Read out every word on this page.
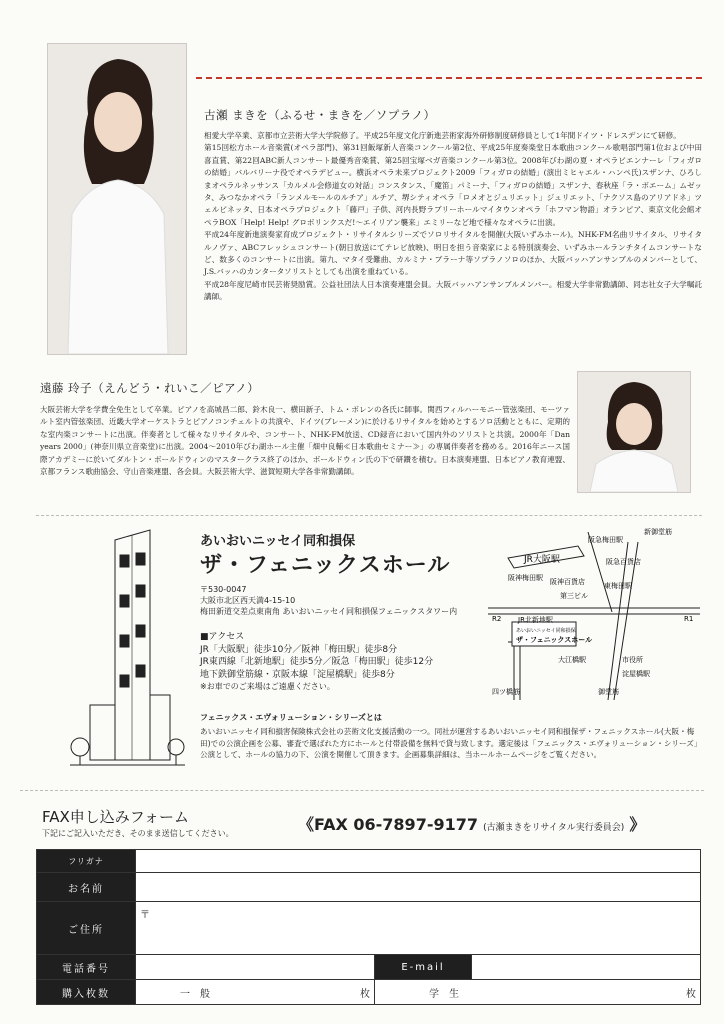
古瀬 まきを（ふるせ・まきを／ソプラノ）
相愛大学卒業、京都市立芸術大学大学院修了。平成25年度文化庁新進芸術家海外研修制度研修員として1年間ドイツ・ドレスデンにて研修。
第15回松方ホール音楽賞(オペラ部門)、第31回飯塚新人音楽コンクール第2位、平成25年度奏楽堂日本歌曲コンクール歌唱部門第1位および中田喜直賞、第22回ABC新人コンサート最優秀音楽賞、第25回宝塚ベガ音楽コンクール第3位。2008年びわ湖の夏・オペラビエンナーレ「フィガロの結婚」バルバリーナ役でオペラデビュー。横浜オペラ未来プロジェクト2009「フィガロの結婚」(演出ミヒャエル・ハンペ氏)スザンナ、ひろしまオペラルネッサンス「カルメル会修道女の対話」コンスタンス、「魔笛」パミーナ、「フィガロの結婚」スザンナ、春秋座「ラ・ボエーム」ムゼッタ、みつなかオペラ「ランメルモールのルチア」ルチア、堺シティオペラ「ロメオとジュリエット」ジュリエット、「ナクソス島のアリアドネ」ツェルビネッタ、日本オペラプロジェクト「藤戸」子供、河内長野ラブリーホールマイタウンオペラ「ホフマン物語」オランピア、東京文化会館オペラBOX「Help! Help! グロボリンクスだ!～エイリアン襲来」エミリーなど地で様々なオペラに出演。
平成24年度新進演奏家育成プロジェクト・リサイタルシリーズでソロリサイタルを開催(大阪いずみホール)。NHK-FM名曲リサイタル、リサイタルノヴァ、ABCフレッシュコンサート(朝日放送にてテレビ放映)、明日を担う音楽家による特別演奏会、いずみホールランチタイムコンサートなど、数多くのコンサートに出演。第九、マタイ受難曲、カルミナ・ブラーナ等ソプラノソロのほか、大阪バッハアンサンブルのメンバーとして、J.S.バッハのカンタータソリストとしても出演を重ねている。
平成28年度尼崎市民芸術奨励賞。公益社団法人日本演奏連盟会員。大阪バッハアンサンブルメンバー。相愛大学非常勤講師、同志社女子大学嘱託講師。
遠藤 玲子（えんどう・れいこ／ピアノ）
大阪芸術大学を学費全免生として卒業。ピアノを高城昌二郎、鈴木良一、横田新子、トム・ボレンの各氏に師事。関西フィルハーモニー管弦楽団、モーツァルト室内管弦楽団、近畿大学オーケストラとピアノコンチェルトの共演や、ドイツ(ブレーメン)に於けるリサイタルを始めとするソロ活動とともに、定期的な室内楽コンサートに出演。伴奏者として様々なリサイタルや、コンサート、NHK-FM放送、CD録音において国内外のソリストと共演。2000年「Dan years 2000」(神奈川県立音楽堂)に出演。2004～2010年びわ湖ホール主催「畑中良輔≪日本歌曲セミナー≫」の専属伴奏者を務める。2016年ニース国際アカデミーに於いてダルトン・ボールドウィンのマスタークラス終了のほか、ボールドウィン氏の下で研鑽を積む。日本演奏連盟、日本ピアノ教育連盟、京都フランス歌曲協会、守山音楽連盟、各会員。大阪芸術大学、滋賀短期大学各非常勤講師。
あいおいニッセイ同和損保
ザ・フェニックスホール
〒530-0047
大阪市北区西天満4-15-10
梅田新道交差点東南角 あいおいニッセイ同和損保フェニックスタワー内
■アクセス
JR「大阪駅」徒歩10分／阪神「梅田駅」徒歩8分
JR東西線「北新地駅」徒歩5分／阪急「梅田駅」徒歩12分
地下鉄御堂筋線・京阪本線「淀屋橋駅」徒歩8分
※お車でのご来場はご遠慮ください。
あいおいニッセイ同和損保
ザ・フェニックスホール
新御堂筋
阪急梅田駅
JR大阪駅	阪急百貨店
阪神梅田駅 阪神百貨店	東梅田駅
第三ビル
R2	R1
JR北新地駅
大江橋駅	市役所
淀屋橋駅
四ツ橋筋	御堂筋
フェニックス・エヴォリューション・シリーズとは
あいおいニッセイ同和損害保険株式会社の芸術文化支援活動の一つ。同社が運営するあいおいニッセイ同和損保ザ・フェニックスホール(大阪・梅田)での公演企画を公募、審査で選ばれた方にホールと付帯設備を無料で貸与致します。選定後は「フェニックス・エヴォリューション・シリーズ」公演として、ホールの協力の下、公演を開催して頂きます。企画募集詳細は、当ホールホームページをご覧ください。
FAX申し込みフォーム
下記にご記入いただき、そのまま送信してください。	《FAX 06-7897-9177 (古瀬まきをリサイタル実行委員会) 》
フリガナ			
お名前			
ご住所	〒		
電話番号		E-mail	
購入枚数	一　般 枚	学　生 枚	
